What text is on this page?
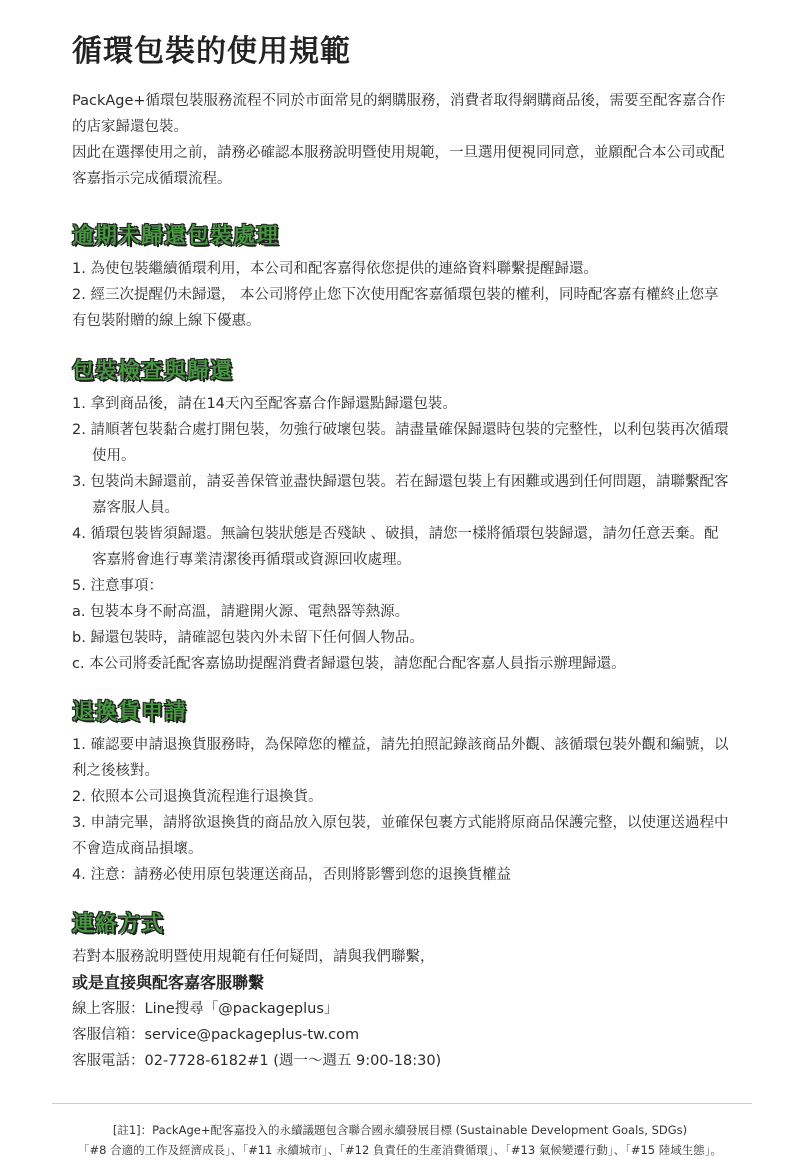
循環包裝的使用規範

PackAge+循環包裝服務流程不同於市面常見的網購服務，消費者取得網購商品後，需要至配客嘉合作的店家歸還包裝。

因此在選擇使用之前，請務必確認本服務說明暨使用規範，一旦選用便視同同意，並願配合本公司或配客嘉指示完成循環流程。

逾期未歸還包裝處理

1. 為使包裝繼續循環利用，本公司和配客嘉得依您提供的連絡資料聯繫提醒歸還。

2. 經三次提醒仍未歸還， 本公司將停止您下次使用配客嘉循環包裝的權利，同時配客嘉有權終止您享有包裝附贈的線上線下優惠。

包裝檢查與歸還

1. 拿到商品後，請在14天內至配客嘉合作歸還點歸還包裝。

2. 請順著包裝黏合處打開包裝，勿強行破壞包裝。請盡量確保歸還時包裝的完整性，以利包裝再次循環使用。

3. 包裝尚未歸還前，請妥善保管並盡快歸還包裝。若在歸還包裝上有困難或遇到任何問題，請聯繫配客嘉客服人員。

4. 循環包裝皆須歸還。無論包裝狀態是否殘缺 、破損，請您一樣將循環包裝歸還，請勿任意丟棄。配客嘉將會進行專業清潔後再循環或資源回收處理。

5. 注意事項：

a. 包裝本身不耐高溫，請避開火源、電熱器等熱源。

b. 歸還包裝時，請確認包裝內外未留下任何個人物品。

c. 本公司將委託配客嘉協助提醒消費者歸還包裝，請您配合配客嘉人員指示辦理歸還。

退換貨申請

1. 確認要申請退換貨服務時，為保障您的權益，請先拍照記錄該商品外觀、該循環包裝外觀和編號，以利之後核對。

2. 依照本公司退換貨流程進行退換貨。

3. 申請完畢，請將欲退換貨的商品放入原包裝，並確保包裹方式能將原商品保護完整，以使運送過程中不會造成商品損壞。

4. 注意：請務必使用原包裝運送商品，否則將影響到您的退換貨權益

連絡方式

若對本服務說明暨使用規範有任何疑問，請與我們聯繫，

或是直接與配客嘉客服聯繫

線上客服：Line搜尋「@packageplus」

客服信箱：service@packageplus-tw.com

客服電話：02-7728-6182#1 (週一～週五 9:00-18:30)

[註1]：PackAge+配客嘉投入的永續議題包含聯合國永續發展目標 (Sustainable Development Goals, SDGs)
「#8 合適的工作及經濟成長」、「#11 永續城市」、「#12 負責任的生產消費循環」、「#13 氣候變遷行動」、「#15 陸域生態」。
